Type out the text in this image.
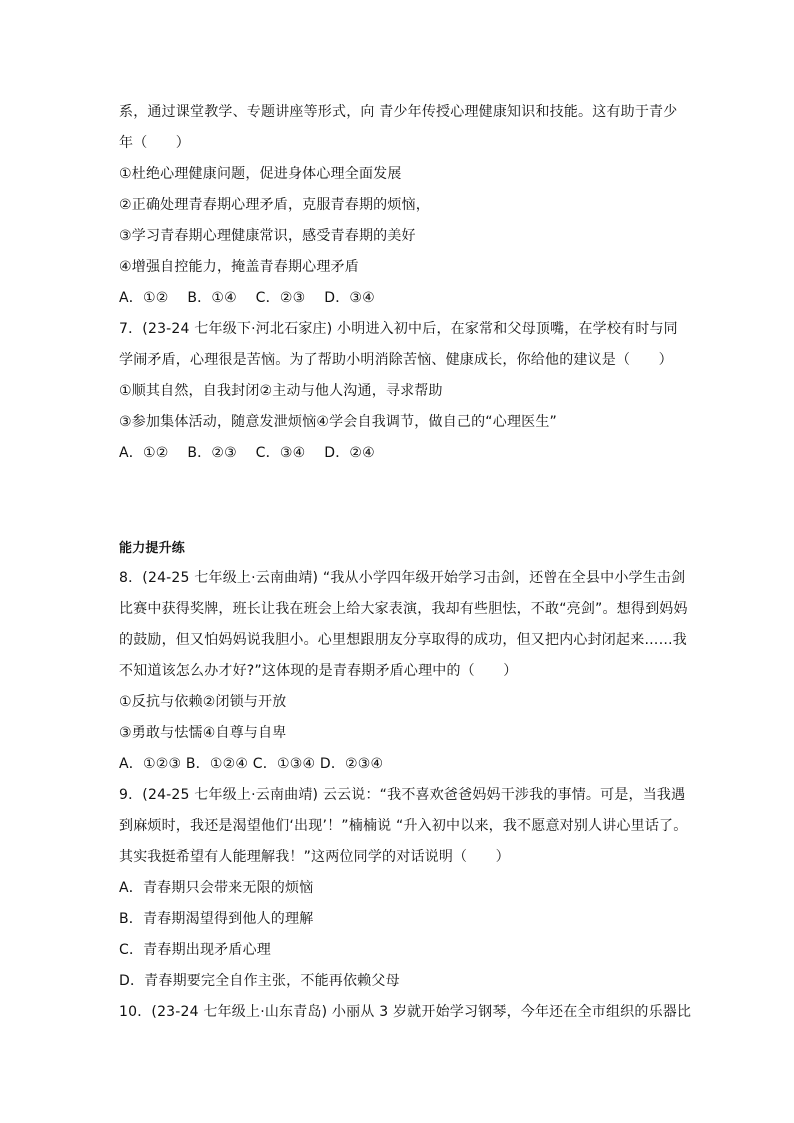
系，通过课堂教学、专题讲座等形式，向 青少年传授心理健康知识和技能。这有助于青少
年（　　）
①杜绝心理健康问题，促进身体心理全面发展
②正确处理青春期心理矛盾，克服青春期的烦恼，
③学习青春期心理健康常识，感受青春期的美好
④增强自控能力，掩盖青春期心理矛盾
A．①②　 B．①④　 C．②③　 D．③④
7．(23-24 七年级下·河北石家庄) 小明进入初中后，在家常和父母顶嘴，在学校有时与同
学闹矛盾，心理很是苦恼。为了帮助小明消除苦恼、健康成长，你给他的建议是（　　）
①顺其自然，自我封闭②主动与他人沟通，寻求帮助
③参加集体活动，随意发泄烦恼④学会自我调节，做自己的“心理医生”
A．①②　 B．②③　 C．③④　 D．②④
能力提升练
8．(24-25 七年级上·云南曲靖) “我从小学四年级开始学习击剑，还曾在全县中小学生击剑
比赛中获得奖牌，班长让我在班会上给大家表演，我却有些胆怯，不敢“亮剑”。想得到妈妈
的鼓励，但又怕妈妈说我胆小。心里想跟朋友分享取得的成功，但又把内心封闭起来……我
不知道该怎么办才好?”这体现的是青春期矛盾心理中的（　　）
①反抗与依赖②闭锁与开放
③勇敢与怯懦④自尊与自卑
A．①②③ B．①②④ C．①③④ D．②③④
9．(24-25 七年级上·云南曲靖) 云云说：“我不喜欢爸爸妈妈干涉我的事情。可是，当我遇
到麻烦时，我还是渴望他们‘出现’！”楠楠说 “升入初中以来，我不愿意对别人讲心里话了。
其实我挺希望有人能理解我！”这两位同学的对话说明（　　）
A．青春期只会带来无限的烦恼
B．青春期渴望得到他人的理解
C．青春期出现矛盾心理
D．青春期要完全自作主张，不能再依赖父母
10．(23-24 七年级上·山东青岛) 小丽从 3 岁就开始学习钢琴，今年还在全市组织的乐器比
